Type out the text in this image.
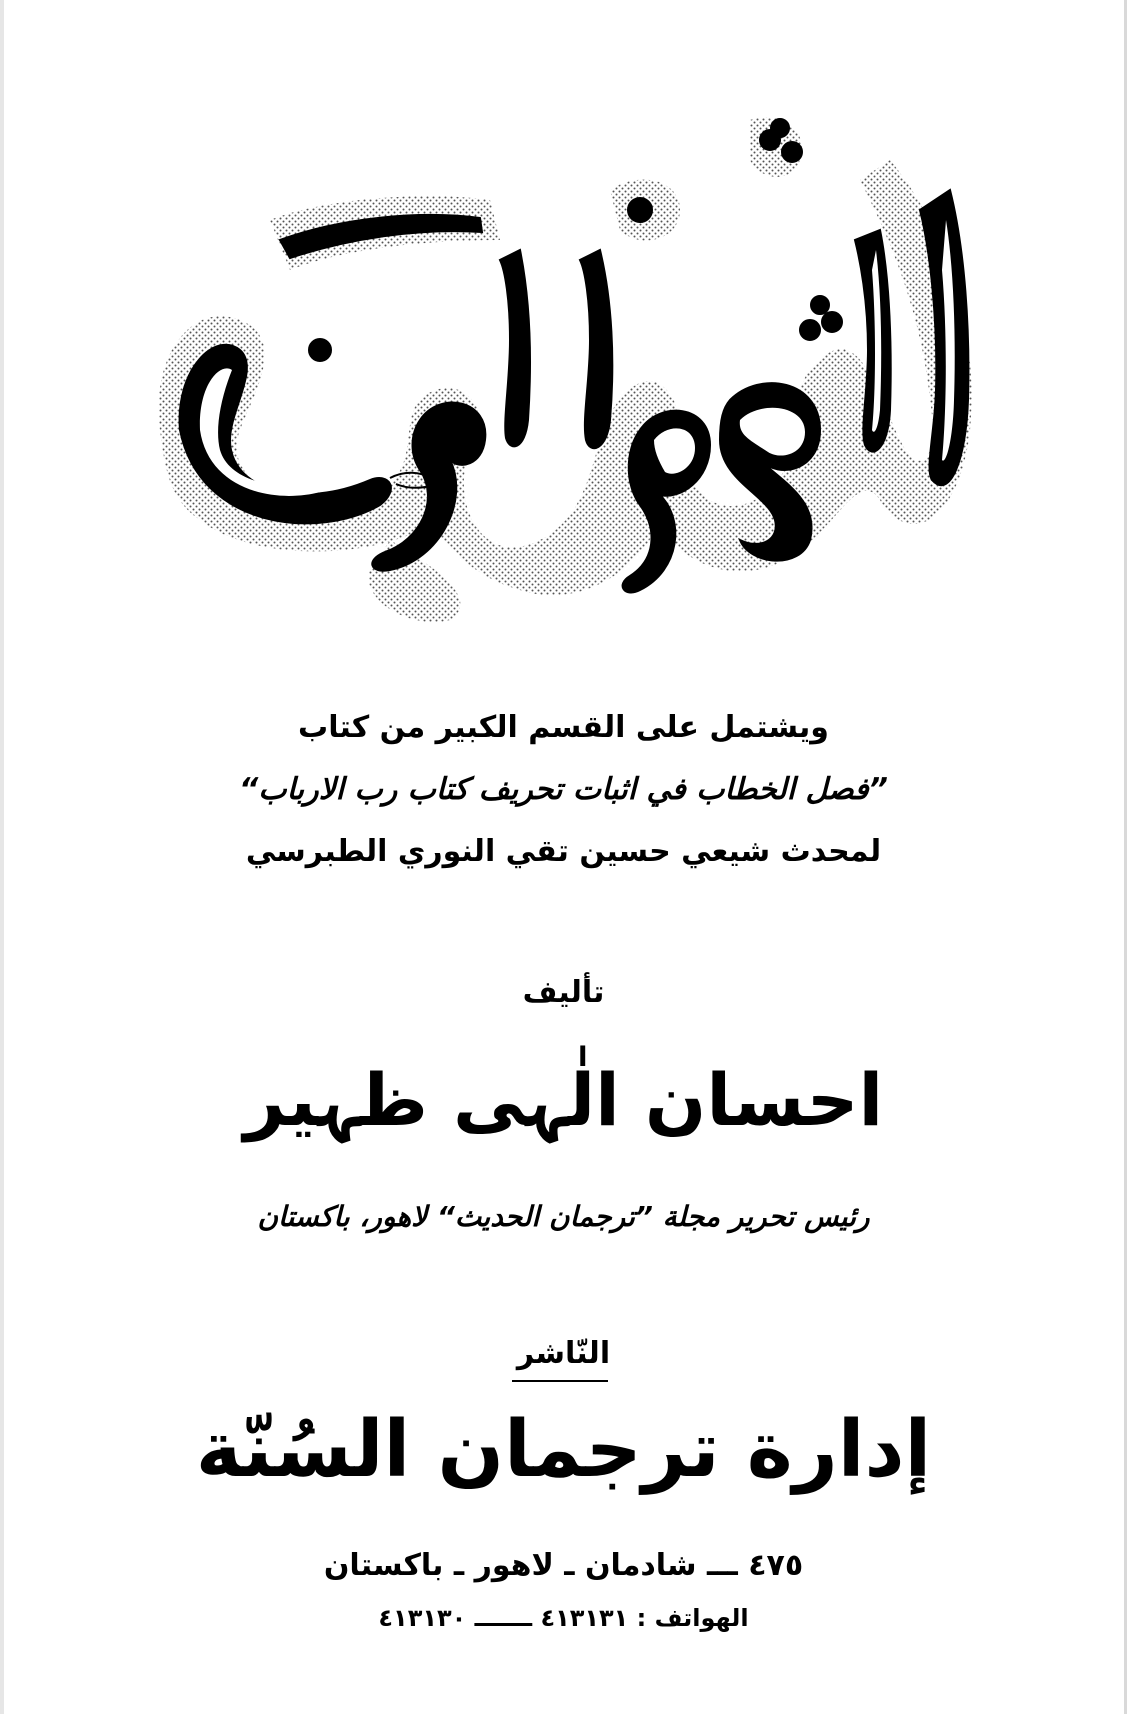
ويشتمل على القسم الكبير من كتاب
”فصل الخطاب في اثبات تحريف كتاب رب الارباب“
لمحدث شيعي حسين تقي النوري الطبرسي
تأليف
احسان الٰہی ظہیر
رئيس تحرير مجلة ”ترجمان الحديث“ لاهور، باكستان
النّاشر
إدارة ترجمان السُنّة
٤٧٥ ـــ شادمان ـ لاهور ـ باكستان
الهواتف : ٤١٣١٣١ ـــــــ ٤١٣١٣٠
